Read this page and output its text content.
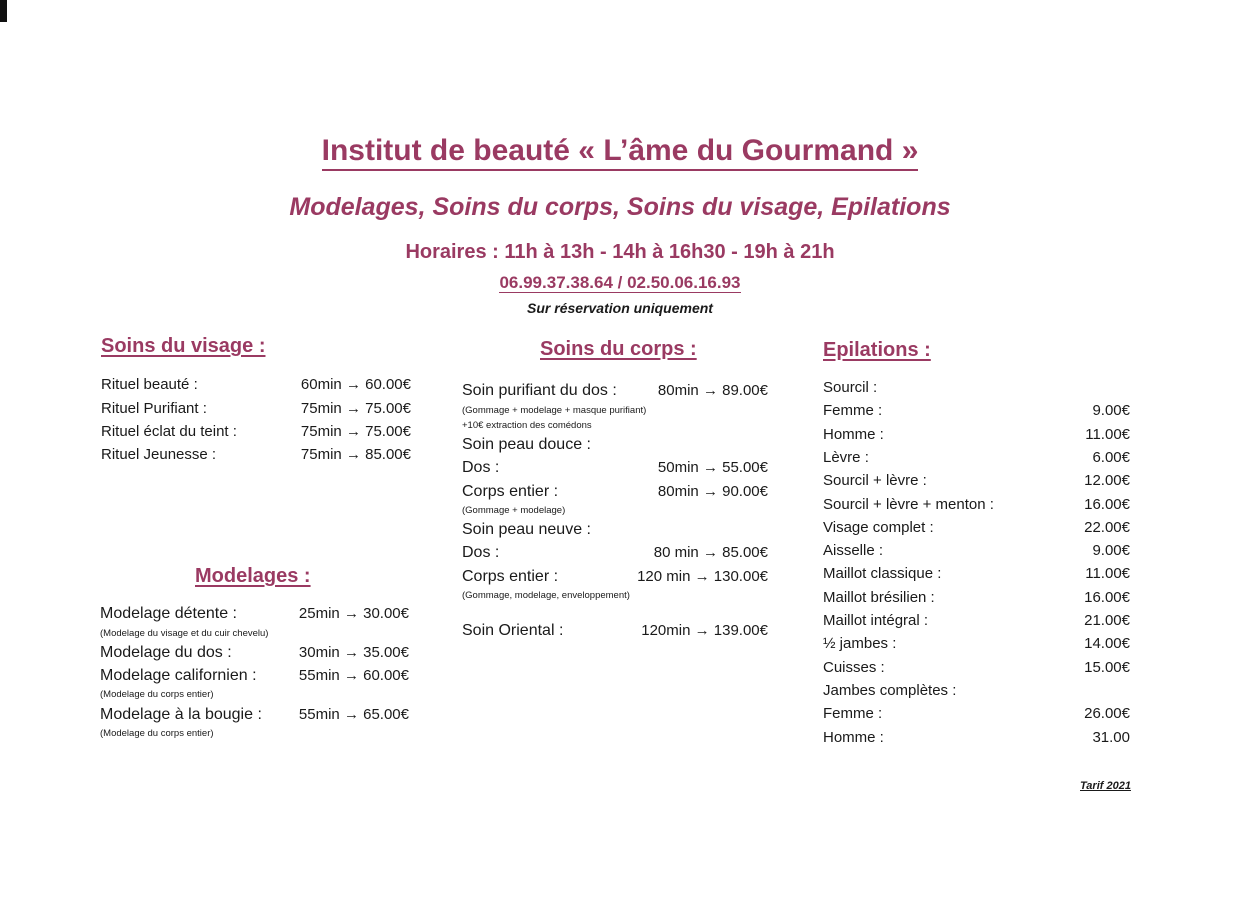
Institut de beauté « L’âme du Gourmand »
Modelages, Soins du corps, Soins du visage, Epilations
Horaires : 11h à 13h - 14h à 16h30 - 19h à 21h
06.99.37.38.64 / 02.50.06.16.93
Sur réservation uniquement
Soins du visage :
Rituel beauté :	60min → 60.00€
Rituel Purifiant :	75min → 75.00€
Rituel éclat du teint :	75min → 75.00€
Rituel Jeunesse :	75min → 85.00€
Modelages :
Modelage détente :	25min → 30.00€
(Modelage du visage et du cuir chevelu)
Modelage du dos :	30min → 35.00€
Modelage californien :	55min → 60.00€
(Modelage du corps entier)
Modelage à la bougie :	55min → 65.00€
(Modelage du corps entier)
Soins du corps :
Soin purifiant du dos :	80min → 89.00€
(Gommage + modelage + masque purifiant)
+10€ extraction des comédons
Soin peau douce :
Dos :	50min → 55.00€
Corps entier :	80min → 90.00€
(Gommage + modelage)
Soin peau neuve :
Dos :	80 min → 85.00€
Corps entier :	120 min → 130.00€
(Gommage, modelage, enveloppement)
Soin Oriental :	120min → 139.00€
Epilations :
Sourcil :
Femme :	9.00€
Homme :	11.00€
Lèvre :	6.00€
Sourcil + lèvre :	12.00€
Sourcil + lèvre + menton :	16.00€
Visage complet :	22.00€
Aisselle :	9.00€
Maillot classique :	11.00€
Maillot brésilien :	16.00€
Maillot intégral :	21.00€
½ jambes :	14.00€
Cuisses :	15.00€
Jambes complètes :
Femme :	26.00€
Homme :	31.00
Tarif 2021
